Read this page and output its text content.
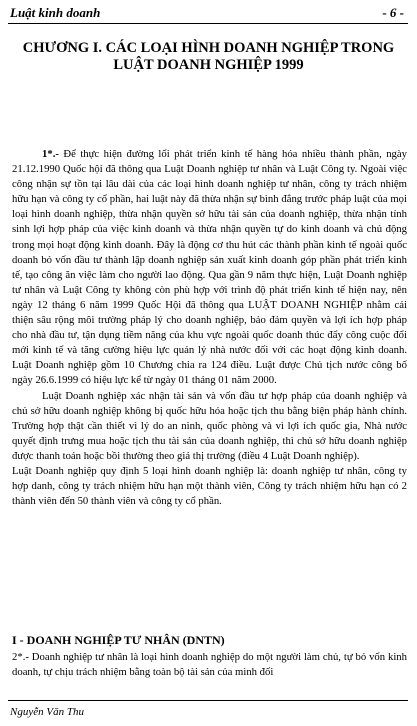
Luật kinh doanh	- 6 -
CHƯƠNG I. CÁC LOẠI HÌNH DOANH NGHIỆP TRONG
LUẬT DOANH NGHIỆP 1999

1*.- Để thực hiện đường lối phát triển kinh tế hàng hóa nhiều thành phần, ngày 21.12.1990 Quốc hội đã thông qua Luật Doanh nghiệp tư nhân và Luật Công ty. Ngoài việc công nhận sự tồn tại lâu dài của các loại hình doanh nghiệp tư nhân, công ty trách nhiệm hữu hạn và công ty cổ phần, hai luật này đã thừa nhận sự bình đẳng trước pháp luật của mọi loại hình doanh nghiệp, thừa nhận quyền sở hữu tài sản của doanh nghiệp, thừa nhận tính sinh lợi hợp pháp của việc kinh doanh và thừa nhận quyền tự do kinh doanh và chủ động trong mọi hoạt động kinh doanh. Đây là động cơ thu hút các thành phần kinh tế ngoài quốc doanh bỏ vốn đầu tư thành lập doanh nghiệp sản xuất kinh doanh góp phần phát triển kinh tế, tạo công ăn việc làm cho người lao động. Qua gần 9 năm thực hiện, Luật Doanh nghiệp tư nhân và Luật Công ty không còn phù hợp với trình độ phát triển kinh tế hiện nay, nên ngày 12 tháng 6 năm 1999 Quốc Hội đã thông qua LUẬT DOANH NGHIỆP nhằm cải thiện sâu rộng môi trường pháp lý cho doanh nghiệp, bảo đảm quyền và lợi ích hợp pháp cho nhà đầu tư, tận dụng tiềm năng của khu vực ngoài quốc doanh thúc đẩy công cuộc đổi mới kinh tế và tăng cường hiệu lực quản lý nhà nước đối với các hoạt động kinh doanh. Luật Doanh nghiệp gồm 10 Chương chia ra 124 điều. Luật được Chủ tịch nước công bố ngày 26.6.1999 có hiệu lực kể từ ngày 01 tháng 01 năm 2000.

Luật Doanh nghiệp xác nhận tài sản và vốn đầu tư hợp pháp của doanh nghiệp và chủ sở hữu doanh nghiệp không bị quốc hữu hóa hoặc tịch thu bằng biện pháp hành chính. Trường hợp thật cần thiết vì lý do an ninh, quốc phòng và vì lợi ích quốc gia, Nhà nước quyết định trưng mua hoặc tịch thu tài sản của doanh nghiệp, thì chủ sở hữu doanh nghiệp được thanh toán hoặc bồi thường theo giá thị trường (điều 4 Luật Doanh nghiệp).

Luật Doanh nghiệp quy định 5 loại hình doanh nghiệp là: doanh nghiệp tư nhân, công ty hợp danh, công ty trách nhiệm hữu hạn một thành viên, Công ty trách nhiệm hữu hạn có 2 thành viên đến 50 thành viên và công ty cổ phần.

I - DOANH NGHIỆP TƯ NHÂN (DNTN)
2*.- Doanh nghiệp tư nhân là loại hình doanh nghiệp do một người làm chủ, tự bỏ vốn kinh doanh, tự chịu trách nhiệm bằng toàn bộ tài sản của mình đối
Nguyễn Văn Thu
